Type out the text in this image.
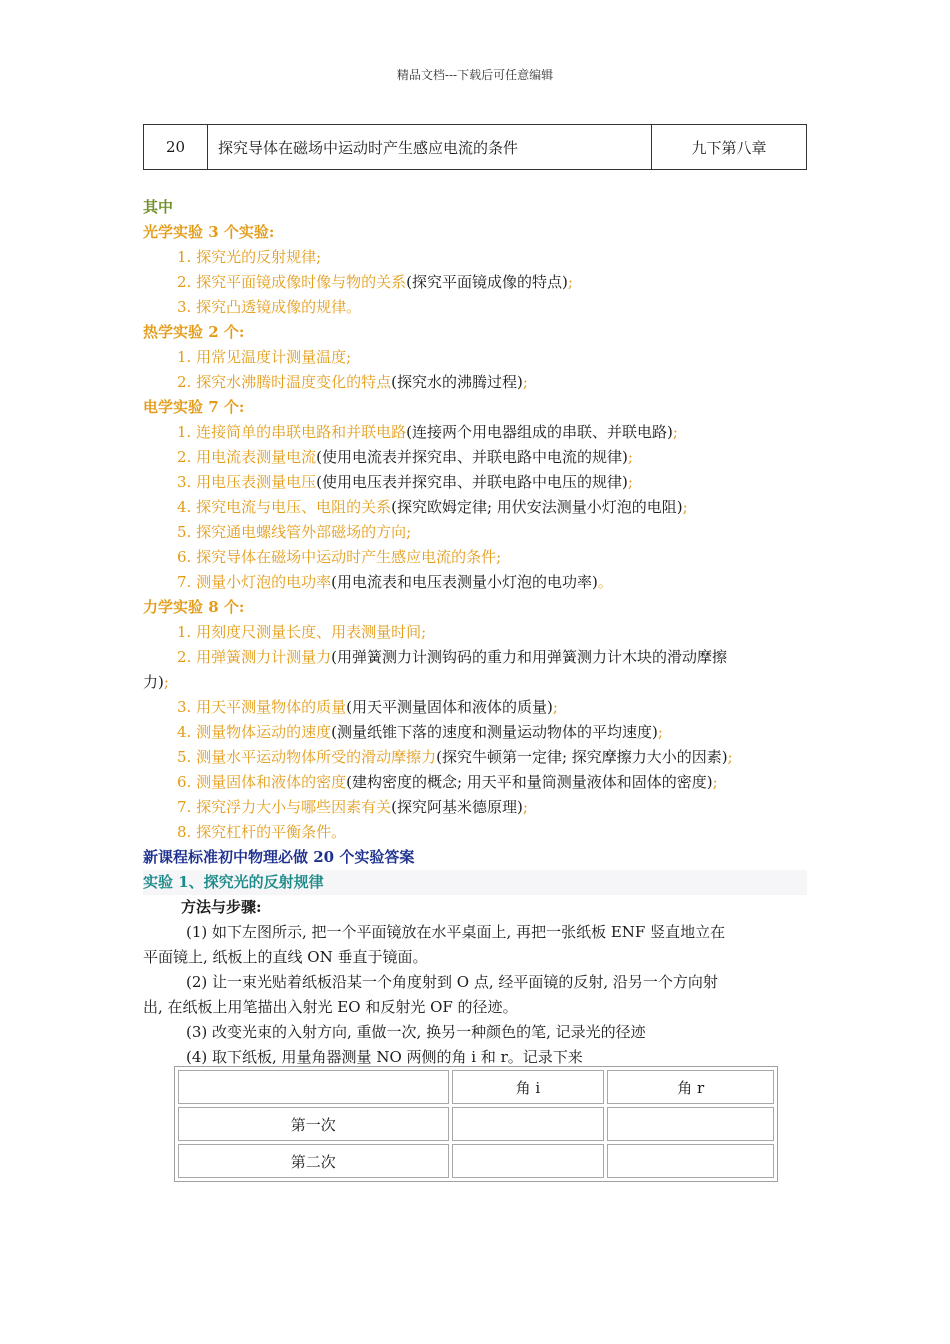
精品文档---下载后可任意编辑
20	探究导体在磁场中运动时产生感应电流的条件	九下第八章
其中
光学实验 3 个实验:
1. 探究光的反射规律;
2. 探究平面镜成像时像与物的关系(探究平面镜成像的特点);
3. 探究凸透镜成像的规律。
热学实验 2 个:
1. 用常见温度计测量温度;
2. 探究水沸腾时温度变化的特点(探究水的沸腾过程);
电学实验 7 个:
1. 连接简单的串联电路和并联电路(连接两个用电器组成的串联、并联电路);
2. 用电流表测量电流(使用电流表并探究串、并联电路中电流的规律);
3. 用电压表测量电压(使用电压表并探究串、并联电路中电压的规律);
4. 探究电流与电压、电阻的关系(探究欧姆定律; 用伏安法测量小灯泡的电阻);
5. 探究通电螺线管外部磁场的方向;
6. 探究导体在磁场中运动时产生感应电流的条件;
7. 测量小灯泡的电功率(用电流表和电压表测量小灯泡的电功率)。
力学实验 8 个:
1. 用刻度尺测量长度、用表测量时间;
2. 用弹簧测力计测量力(用弹簧测力计测钩码的重力和用弹簧测力计木块的滑动摩擦
力);
3. 用天平测量物体的质量(用天平测量固体和液体的质量);
4. 测量物体运动的速度(测量纸锥下落的速度和测量运动物体的平均速度);
5. 测量水平运动物体所受的滑动摩擦力(探究牛顿第一定律; 探究摩擦力大小的因素);
6. 测量固体和液体的密度(建构密度的概念; 用天平和量筒测量液体和固体的密度);
7. 探究浮力大小与哪些因素有关(探究阿基米德原理);
8. 探究杠杆的平衡条件。
新课程标准初中物理必做 20 个实验答案
实验 1、探究光的反射规律
方法与步骤:
(1) 如下左图所示, 把一个平面镜放在水平桌面上, 再把一张纸板 ENF 竖直地立在
平面镜上, 纸板上的直线 ON 垂直于镜面。
(2) 让一束光贴着纸板沿某一个角度射到 O 点, 经平面镜的反射, 沿另一个方向射
出, 在纸板上用笔描出入射光 EO 和反射光 OF 的径迹。
(3) 改变光束的入射方向, 重做一次, 换另一种颜色的笔, 记录光的径迹
(4) 取下纸板, 用量角器测量 NO 两侧的角 i 和 r。记录下来
	角 i	角 r
第一次		
第二次		
